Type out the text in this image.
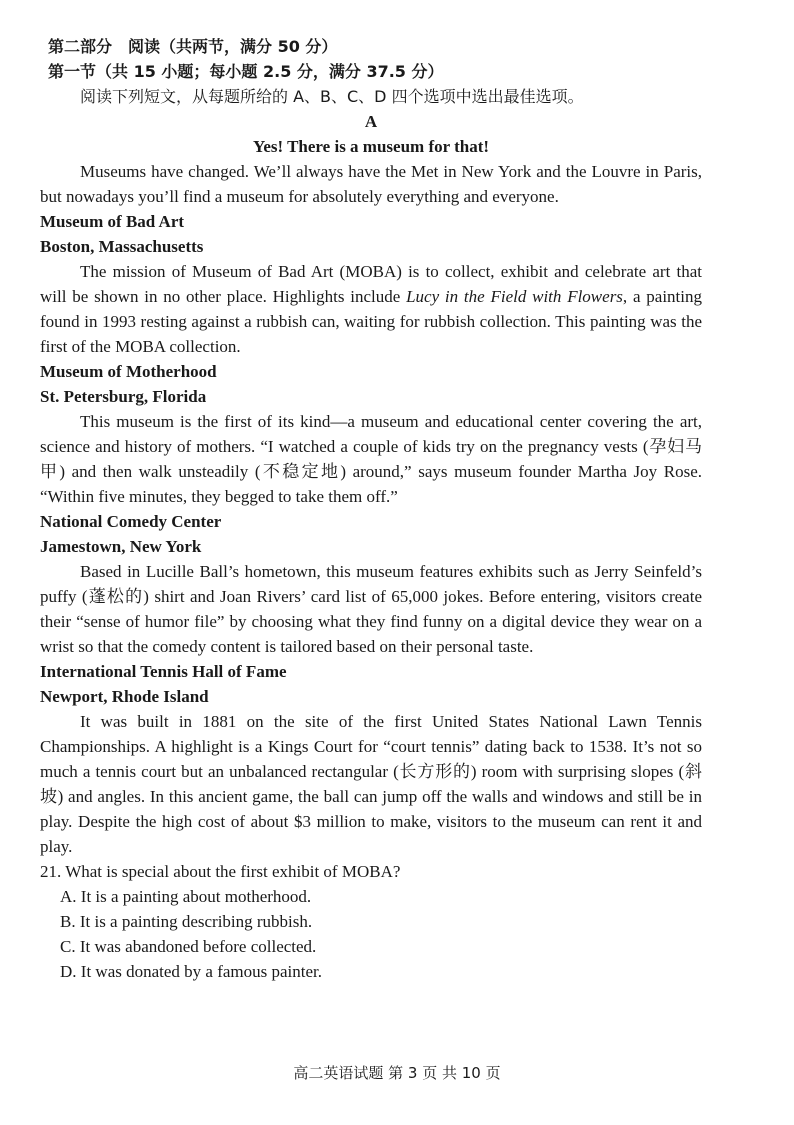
第二部分　阅读（共两节，满分 50 分）
第一节（共 15 小题；每小题 2.5 分，满分 37.5 分）
阅读下列短文，从每题所给的 A、B、C、D 四个选项中选出最佳选项。
A
Yes! There is a museum for that!

Museums have changed. We’ll always have the Met in New York and the Louvre in Paris, but nowadays you’ll find a museum for absolutely everything and everyone.

Museum of Bad Art

Boston, Massachusetts

The mission of Museum of Bad Art (MOBA) is to collect, exhibit and celebrate art that will be shown in no other place. Highlights include Lucy in the Field with Flowers, a painting found in 1993 resting against a rubbish can, waiting for rubbish collection. This painting was the first of the MOBA collection.

Museum of Motherhood

St. Petersburg, Florida

This museum is the first of its kind—a museum and educational center covering the art, science and history of mothers. “I watched a couple of kids try on the pregnancy vests (孕妇马甲) and then walk unsteadily (不稳定地) around,” says museum founder Martha Joy Rose. “Within five minutes, they begged to take them off.”

National Comedy Center

Jamestown, New York

Based in Lucille Ball’s hometown, this museum features exhibits such as Jerry Seinfeld’s puffy (蓬松的) shirt and Joan Rivers’ card list of 65,000 jokes. Before entering, visitors create their “sense of humor file” by choosing what they find funny on a digital device they wear on a wrist so that the comedy content is tailored based on their personal taste.

International Tennis Hall of Fame

Newport, Rhode Island

It was built in 1881 on the site of the first United States National Lawn Tennis Championships. A highlight is a Kings Court for “court tennis” dating back to 1538. It’s not so much a tennis court but an unbalanced rectangular (长方形的) room with surprising slopes (斜坡) and angles. In this ancient game, the ball can jump off the walls and windows and still be in play. Despite the high cost of about $3 million to make, visitors to the museum can rent it and play.

21. What is special about the first exhibit of MOBA?

A. It is a painting about motherhood.

B. It is a painting describing rubbish.

C. It was abandoned before collected.

D. It was donated by a famous painter.

高二英语试题 第 3 页 共 10 页
